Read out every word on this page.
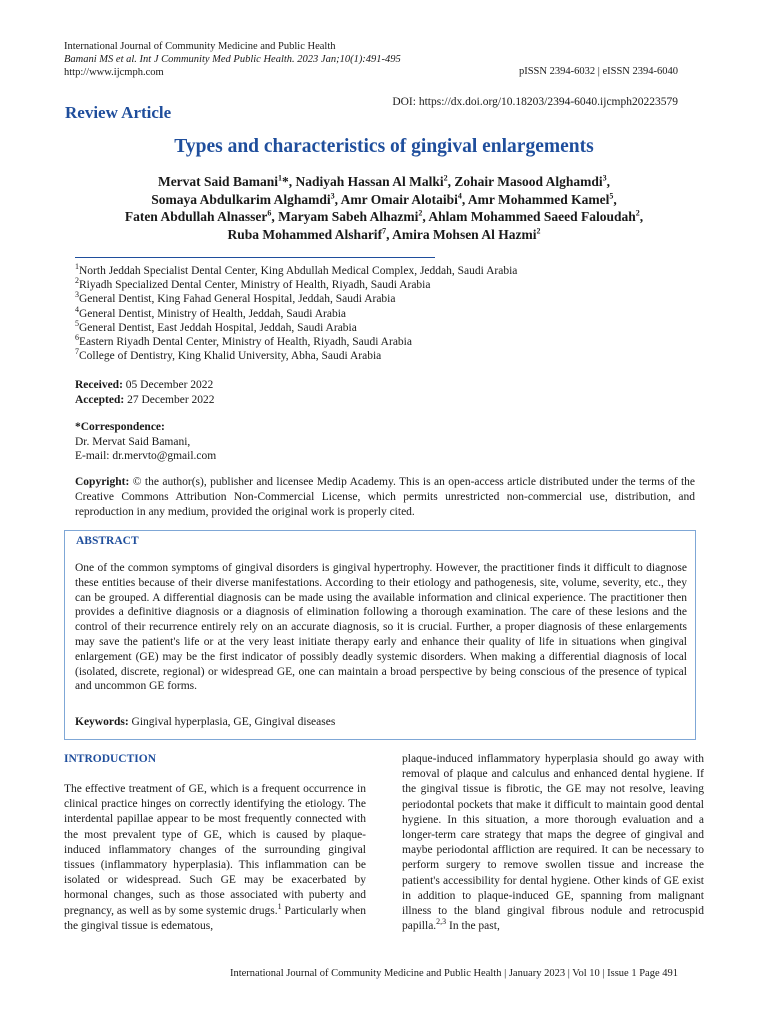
International Journal of Community Medicine and Public Health
Bamani MS et al. Int J Community Med Public Health. 2023 Jan;10(1):491-495
http://www.ijcmph.com	pISSN 2394-6032 | eISSN 2394-6040
Review Article
DOI: https://dx.doi.org/10.18203/2394-6040.ijcmph20223579
Types and characteristics of gingival enlargements
Mervat Said Bamani$^1$*, Nadiyah Hassan Al Malki$^2$, Zohair Masood Alghamdi$^3$,
Somaya Abdulkarim Alghamdi$^3$, Amr Omair Alotaibi$^4$, Amr Mohammed Kamel$^5$,
Faten Abdullah Alnasser$^6$, Maryam Sabeh Alhazmi$^2$, Ahlam Mohammed Saeed Faloudah$^2$,
Ruba Mohammed Alsharif$^7$, Amira Mohsen Al Hazmi$^2$
$^1$North Jeddah Specialist Dental Center, King Abdullah Medical Complex, Jeddah, Saudi Arabia
$^2$Riyadh Specialized Dental Center, Ministry of Health, Riyadh, Saudi Arabia
$^3$General Dentist, King Fahad General Hospital, Jeddah, Saudi Arabia
$^4$General Dentist, Ministry of Health, Jeddah, Saudi Arabia
$^5$General Dentist, East Jeddah Hospital, Jeddah, Saudi Arabia
$^6$Eastern Riyadh Dental Center, Ministry of Health, Riyadh, Saudi Arabia
$^7$College of Dentistry, King Khalid University, Abha, Saudi Arabia
Received: 05 December 2022
Accepted: 27 December 2022
*Correspondence:
Dr. Mervat Said Bamani,
E-mail: dr.mervto@gmail.com
Copyright: © the author(s), publisher and licensee Medip Academy. This is an open-access article distributed under the terms of the Creative Commons Attribution Non-Commercial License, which permits unrestricted non-commercial use, distribution, and reproduction in any medium, provided the original work is properly cited.
ABSTRACT
One of the common symptoms of gingival disorders is gingival hypertrophy. However, the practitioner finds it difficult to diagnose these entities because of their diverse manifestations. According to their etiology and pathogenesis, site, volume, severity, etc., they can be grouped. A differential diagnosis can be made using the available information and clinical experience. The practitioner then provides a definitive diagnosis or a diagnosis of elimination following a thorough examination. The care of these lesions and the control of their recurrence entirely rely on an accurate diagnosis, so it is crucial. Further, a proper diagnosis of these enlargements may save the patient's life or at the very least initiate therapy early and enhance their quality of life in situations when gingival enlargement (GE) may be the first indicator of possibly deadly systemic disorders. When making a differential diagnosis of local (isolated, discrete, regional) or widespread GE, one can maintain a broad perspective by being conscious of the presence of typical and uncommon GE forms.
Keywords: Gingival hyperplasia, GE, Gingival diseases
INTRODUCTION
The effective treatment of GE, which is a frequent occurrence in clinical practice hinges on correctly identifying the etiology. The interdental papillae appear to be most frequently connected with the most prevalent type of GE, which is caused by plaque-induced inflammatory changes of the surrounding gingival tissues (inflammatory hyperplasia). This inflammation can be isolated or widespread. Such GE may be exacerbated by hormonal changes, such as those associated with puberty and pregnancy, as well as by some systemic drugs.$^1$ Particularly when the gingival tissue is edematous,
plaque-induced inflammatory hyperplasia should go away with removal of plaque and calculus and enhanced dental hygiene. If the gingival tissue is fibrotic, the GE may not resolve, leaving periodontal pockets that make it difficult to maintain good dental hygiene. In this situation, a more thorough evaluation and a longer-term care strategy that maps the degree of gingival and maybe periodontal affliction are required. It can be necessary to perform surgery to remove swollen tissue and increase the patient's accessibility for dental hygiene. Other kinds of GE exist in addition to plaque-induced GE, spanning from malignant illness to the bland gingival fibrous nodule and retrocuspid papilla.$^{2,3}$ In the past,
International Journal of Community Medicine and Public Health | January 2023 | Vol 10 | Issue 1 Page 491
